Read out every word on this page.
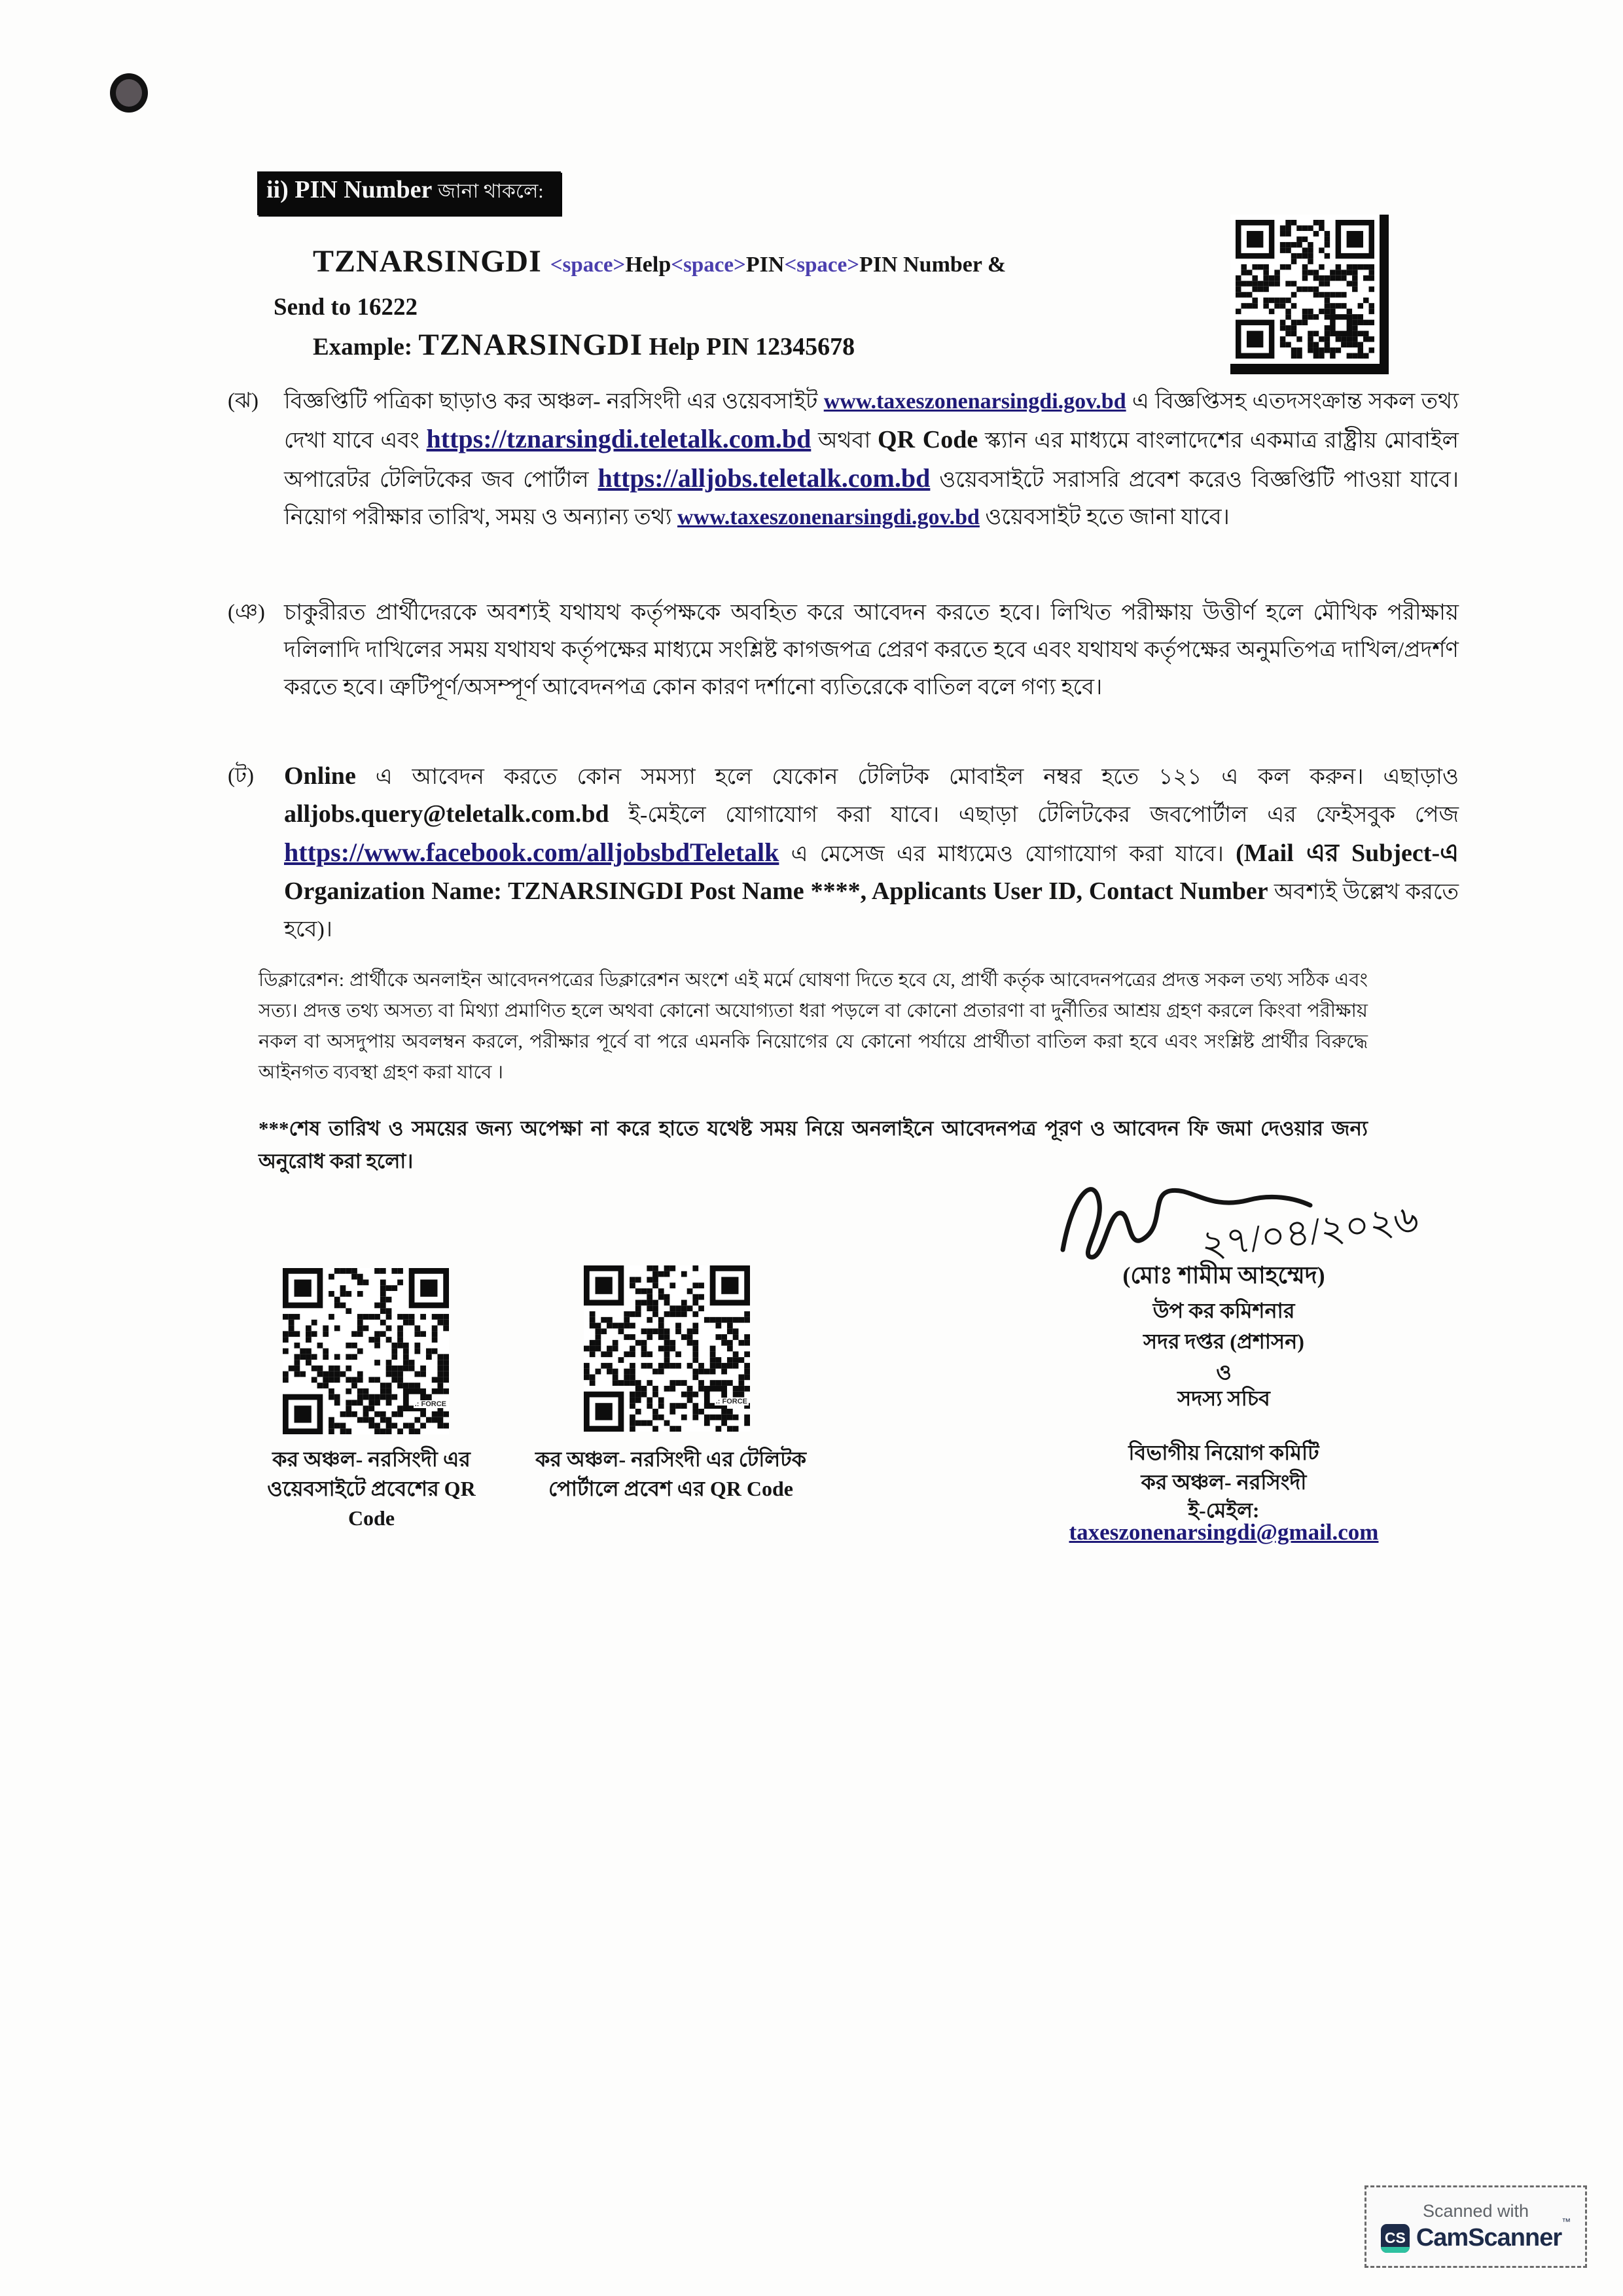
ii) PIN Number জানা থাকলে:
TZNARSINGDI <space>Help<space>PIN<space>PIN Number &
Send to 16222
Example: TZNARSINGDI Help PIN 12345678
(ঝ) বিজ্ঞপ্তিটি পত্রিকা ছাড়াও কর অঞ্চল- নরসিংদী এর ওয়েবসাইট www.taxeszonenarsingdi.gov.bd এ বিজ্ঞপ্তিসহ এতদসংক্রান্ত সকল তথ্য দেখা যাবে এবং https://tznarsingdi.teletalk.com.bd অথবা QR Code স্ক্যান এর মাধ্যমে বাংলাদেশের একমাত্র রাষ্ট্রীয় মোবাইল অপারেটর টেলিটকের জব পোর্টাল https://alljobs.teletalk.com.bd ওয়েবসাইটে সরাসরি প্রবেশ করেও বিজ্ঞপ্তিটি পাওয়া যাবে। নিয়োগ পরীক্ষার তারিখ, সময় ও অন্যান্য তথ্য www.taxeszonenarsingdi.gov.bd ওয়েবসাইট হতে জানা যাবে।
(ঞ) চাকুরীরত প্রার্থীদেরকে অবশ্যই যথাযথ কর্তৃপক্ষকে অবহিত করে আবেদন করতে হবে। লিখিত পরীক্ষায় উত্তীর্ণ হলে মৌখিক পরীক্ষায় দলিলাদি দাখিলের সময় যথাযথ কর্তৃপক্ষের মাধ্যমে সংশ্লিষ্ট কাগজপত্র প্রেরণ করতে হবে এবং যথাযথ কর্তৃপক্ষের অনুমতিপত্র দাখিল/প্রদর্শণ করতে হবে। ত্রুটিপূর্ণ/অসম্পূর্ণ আবেদনপত্র কোন কারণ দর্শানো ব্যতিরেকে বাতিল বলে গণ্য হবে।
(ট) Online এ আবেদন করতে কোন সমস্যা হলে যেকোন টেলিটক মোবাইল নম্বর হতে ১২১ এ কল করুন। এছাড়াও alljobs.query@teletalk.com.bd ই-মেইলে যোগাযোগ করা যাবে। এছাড়া টেলিটকের জবপোর্টাল এর ফেইসবুক পেজ https://www.facebook.com/alljobsbdTeletalk এ মেসেজ এর মাধ্যমেও যোগাযোগ করা যাবে। (Mail এর Subject-এ Organization Name: TZNARSINGDI Post Name ****, Applicants User ID, Contact Number অবশ্যই উল্লেখ করতে হবে)।
ডিক্লারেশন: প্রার্থীকে অনলাইন আবেদনপত্রের ডিক্লারেশন অংশে এই মর্মে ঘোষণা দিতে হবে যে, প্রার্থী কর্তৃক আবেদনপত্রের প্রদত্ত সকল তথ্য সঠিক এবং সত্য। প্রদত্ত তথ্য অসত্য বা মিথ্যা প্রমাণিত হলে অথবা কোনো অযোগ্যতা ধরা পড়লে বা কোনো প্রতারণা বা দুর্নীতির আশ্রয় গ্রহণ করলে কিংবা পরীক্ষায় নকল বা অসদুপায় অবলম্বন করলে, পরীক্ষার পূর্বে বা পরে এমনকি নিয়োগের যে কোনো পর্যায়ে প্রার্থীতা বাতিল করা হবে এবং সংশ্লিষ্ট প্রার্থীর বিরুদ্ধে আইনগত ব্যবস্থা গ্রহণ করা যাবে ।
***শেষ তারিখ ও সময়ের জন্য অপেক্ষা না করে হাতে যথেষ্ট সময় নিয়ে অনলাইনে আবেদনপত্র পূরণ ও আবেদন ফি জমা দেওয়ার জন্য অনুরোধ করা হলো।
২৭/০৪/২০২৬
(মোঃ শামীম আহম্মেদ)
উপ কর কমিশনার
সদর দপ্তর (প্রশাসন)
ও
সদস্য সচিব
বিভাগীয় নিয়োগ কমিটি
কর অঞ্চল- নরসিংদী
ই-মেইল:
taxeszonenarsingdi@gmail.com
.: FORCE	.: FORCE
কর অঞ্চল- নরসিংদী এর
ওয়েবসাইটে প্রবেশের QR
Code
কর অঞ্চল- নরসিংদী এর টেলিটক
পোর্টালে প্রবেশ এর QR Code
Scanned with
CS CamScanner™
